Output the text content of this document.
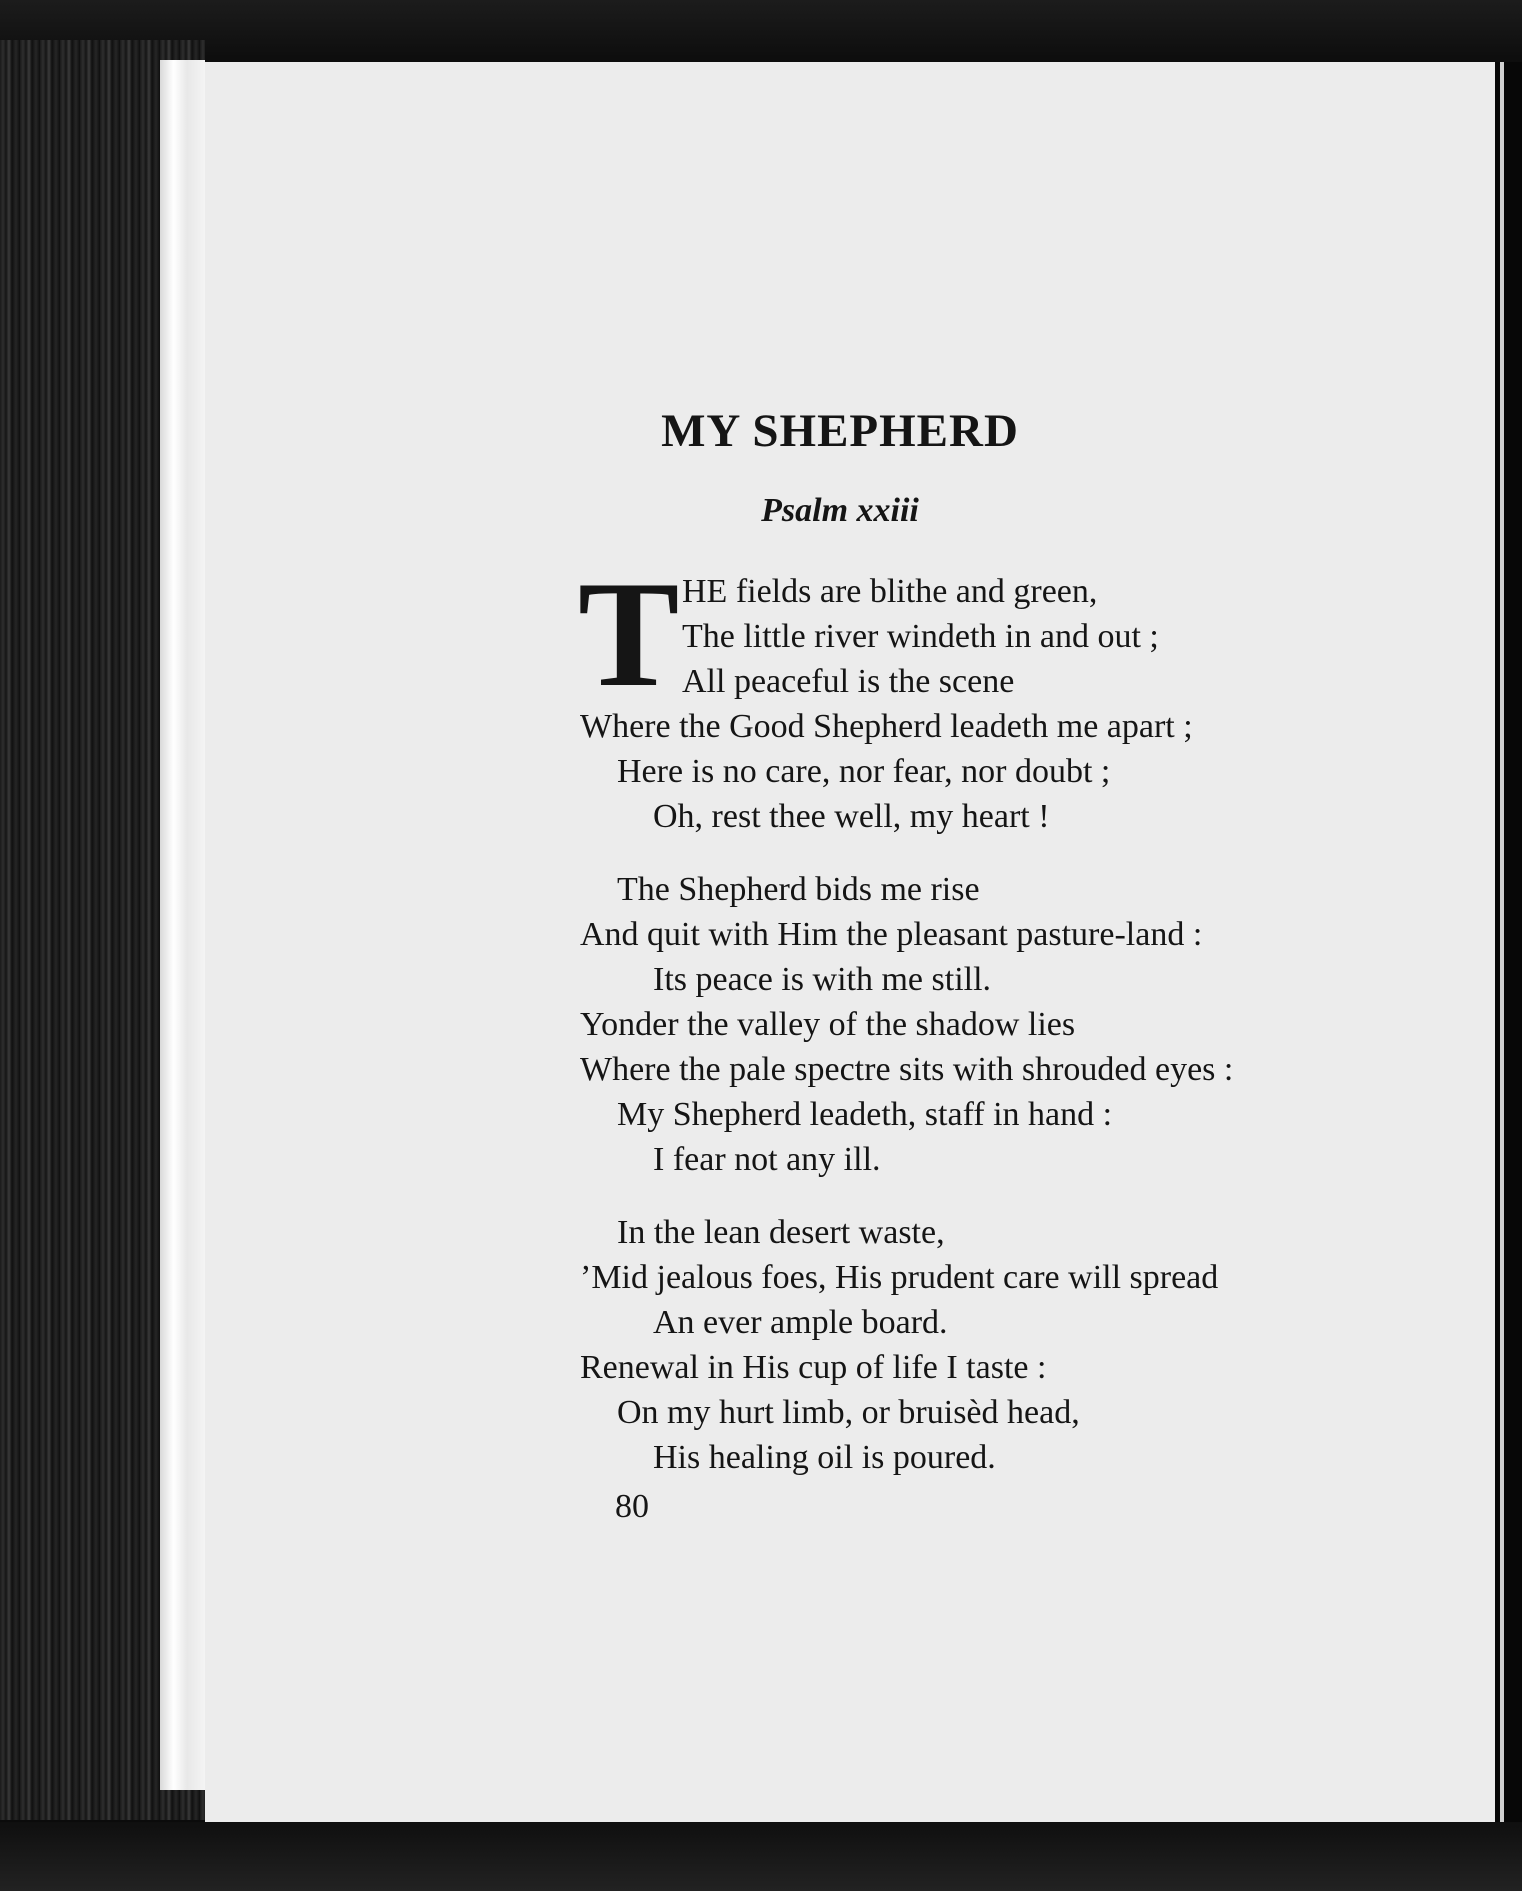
MY SHEPHERD

Psalm xxiii

T HE fields are blithe and green,

The little river windeth in and out ;

All peaceful is the scene

Where the Good Shepherd leadeth me apart ;

Here is no care, nor fear, nor doubt ;

Oh, rest thee well, my heart !

The Shepherd bids me rise

And quit with Him the pleasant pasture-land :

Its peace is with me still.

Yonder the valley of the shadow lies

Where the pale spectre sits with shrouded eyes :

My Shepherd leadeth, staff in hand :

I fear not any ill.

In the lean desert waste,

’Mid jealous foes, His prudent care will spread

An ever ample board.

Renewal in His cup of life I taste :

On my hurt limb, or bruisèd head,

His healing oil is poured.

80
